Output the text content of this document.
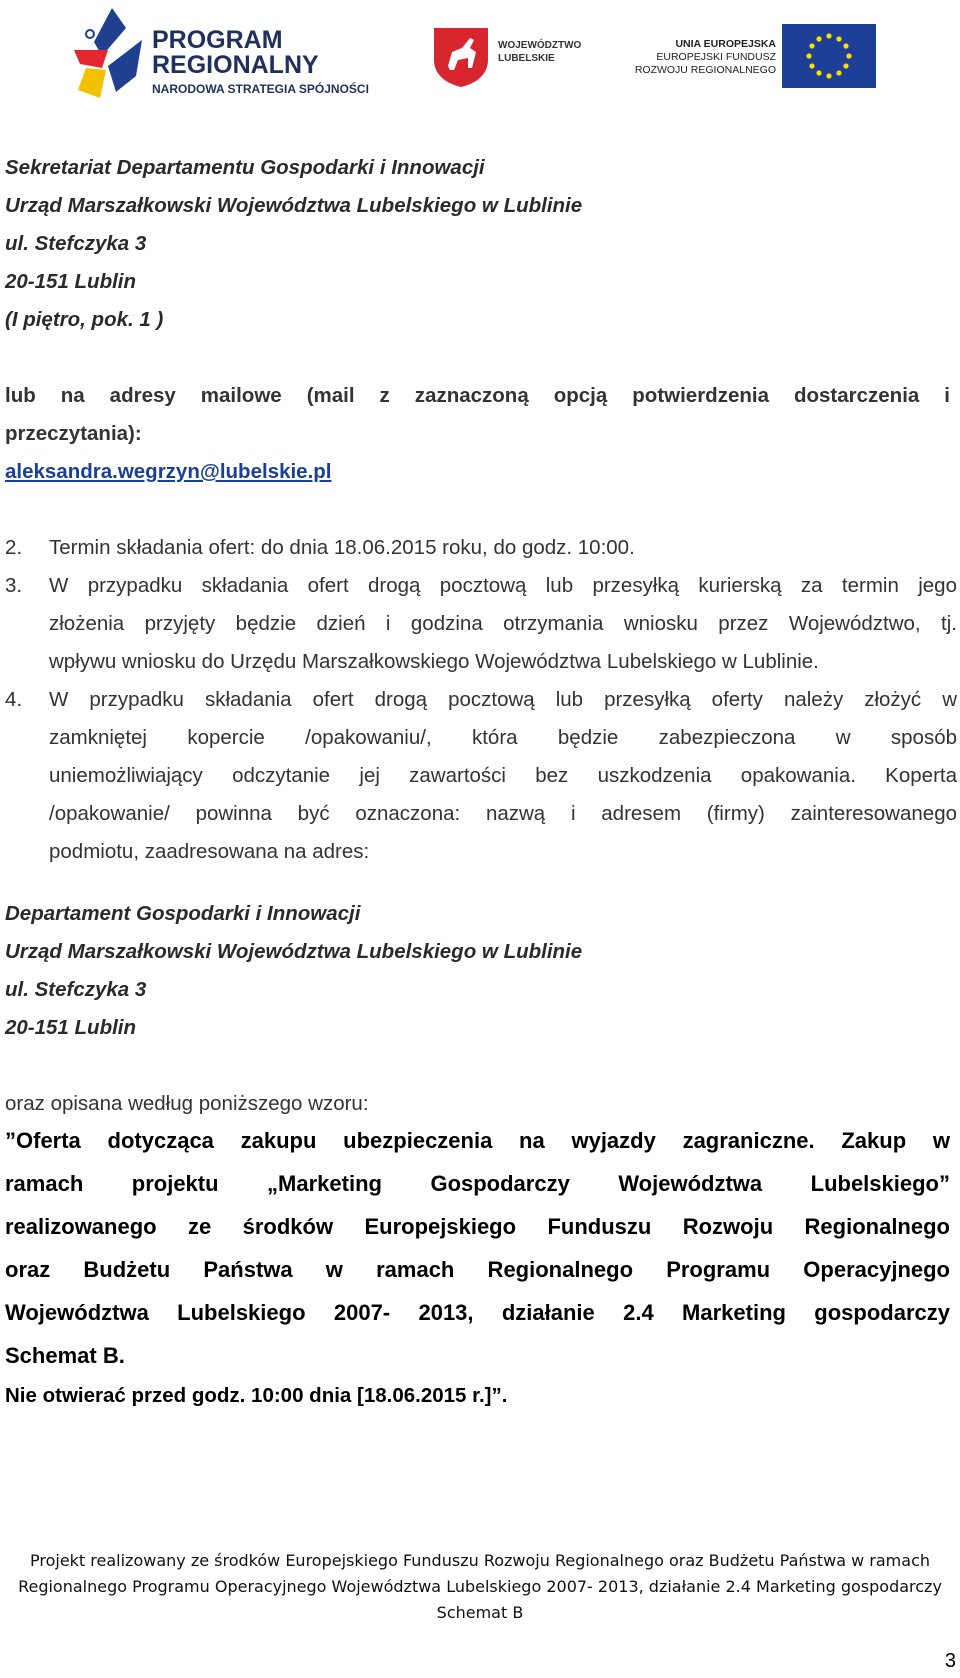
PROGRAM
REGIONALNY
NARODOWA STRATEGIA SPÓJNOŚCI
WOJEWÓDZTWO
LUBELSKIE
UNIA EUROPEJSKA
EUROPEJSKI FUNDUSZ
ROZWOJU REGIONALNEGO
Sekretariat Departamentu Gospodarki i Innowacji
Urząd Marszałkowski Województwa Lubelskiego w Lublinie
ul. Stefczyka 3
20-151 Lublin
(I piętro, pok. 1 )
lub na adresy mailowe (mail z zaznaczoną opcją potwierdzenia dostarczenia i
przeczytania):
aleksandra.wegrzyn@lubelskie.pl
2. Termin składania ofert: do dnia 18.06.2015 roku, do godz. 10:00.
3. W przypadku składania ofert drogą pocztową lub przesyłką kurierską za termin jego
złożenia przyjęty będzie dzień i godzina otrzymania wniosku przez Województwo, tj.
wpływu wniosku do Urzędu Marszałkowskiego Województwa Lubelskiego w Lublinie.
4. W przypadku składania ofert drogą pocztową lub przesyłką oferty należy złożyć w
zamkniętej kopercie /opakowaniu/, która będzie zabezpieczona w sposób
uniemożliwiający odczytanie jej zawartości bez uszkodzenia opakowania. Koperta
/opakowanie/ powinna być oznaczona: nazwą i adresem (firmy) zainteresowanego
podmiotu, zaadresowana na adres:
Departament Gospodarki i Innowacji
Urząd Marszałkowski Województwa Lubelskiego w Lublinie
ul. Stefczyka 3
20-151 Lublin
oraz opisana według poniższego wzoru:
”Oferta dotycząca zakupu ubezpieczenia na wyjazdy zagraniczne. Zakup w
ramach projektu „Marketing Gospodarczy Województwa Lubelskiego”
realizowanego ze środków Europejskiego Funduszu Rozwoju Regionalnego
oraz Budżetu Państwa w ramach Regionalnego Programu Operacyjnego
Województwa Lubelskiego 2007- 2013, działanie 2.4 Marketing gospodarczy
Schemat B.
Nie otwierać przed godz. 10:00 dnia [18.06.2015 r.]”.
Projekt realizowany ze środków Europejskiego Funduszu Rozwoju Regionalnego oraz Budżetu Państwa w ramach
Regionalnego Programu Operacyjnego Województwa Lubelskiego 2007- 2013, działanie 2.4 Marketing gospodarczy
Schemat B
3
